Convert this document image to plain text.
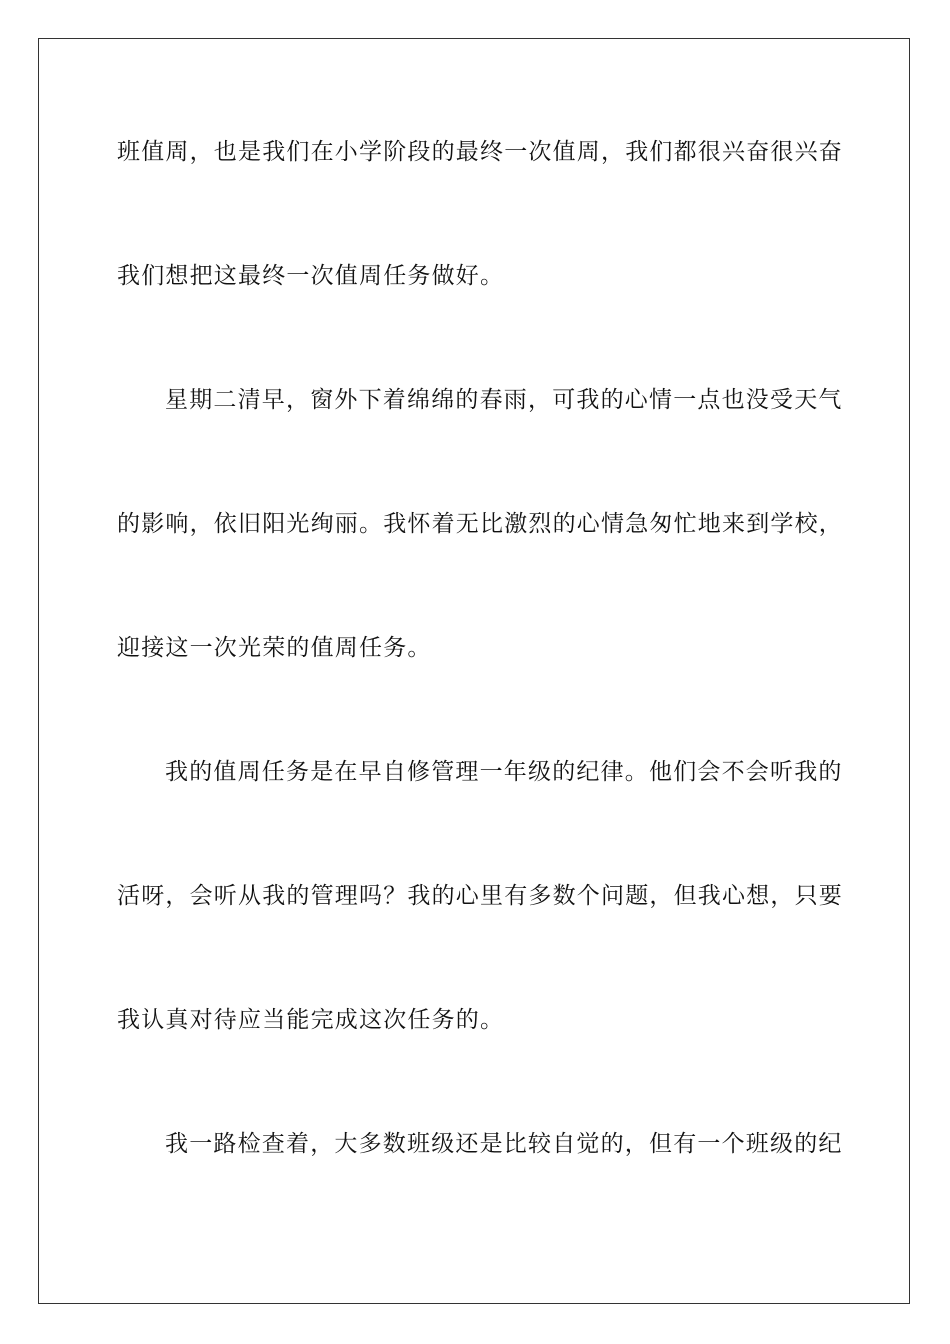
班值周，也是我们在小学阶段的最终一次值周，我们都很兴奋很兴奋
我们想把这最终一次值周任务做好。
星期二清早，窗外下着绵绵的春雨，可我的心情一点也没受天气
的影响，依旧阳光绚丽。我怀着无比激烈的心情急匆忙地来到学校，
迎接这一次光荣的值周任务。
我的值周任务是在早自修管理一年级的纪律。他们会不会听我的
活呀，会听从我的管理吗？我的心里有多数个问题，但我心想，只要
我认真对待应当能完成这次任务的。
我一路检查着，大多数班级还是比较自觉的，但有一个班级的纪
